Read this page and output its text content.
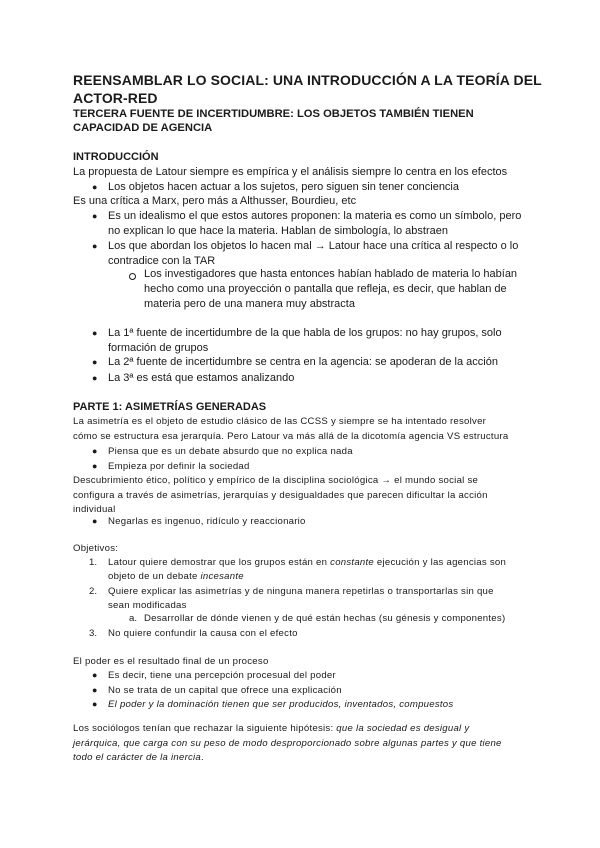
REENSAMBLAR LO SOCIAL: UNA INTRODUCCIÓN A LA TEORÍA DEL
ACTOR-RED
TERCERA FUENTE DE INCERTIDUMBRE: LOS OBJETOS TAMBIÉN TIENEN
CAPACIDAD DE AGENCIA
INTRODUCCIÓN
La propuesta de Latour siempre es empírica y el análisis siempre lo centra en los efectos
● Los objetos hacen actuar a los sujetos, pero siguen sin tener conciencia
Es una crítica a Marx, pero más a Althusser, Bourdieu, etc
● Es un idealismo el que estos autores proponen: la materia es como un símbolo, pero
no explican lo que hace la materia. Hablan de simbología, lo abstraen
● Los que abordan los objetos lo hacen mal → Latour hace una crítica al respecto o lo
contradice con la TAR
Los investigadores que hasta entonces habían hablado de materia lo habían
hecho como una proyección o pantalla que refleja, es decir, que hablan de
materia pero de una manera muy abstracta
● La 1ª fuente de incertidumbre de la que habla de los grupos: no hay grupos, solo
formación de grupos
● La 2ª fuente de incertidumbre se centra en la agencia: se apoderan de la acción
● La 3ª es está que estamos analizando
PARTE 1: ASIMETRÍAS GENERADAS
La asimetría es el objeto de estudio clásico de las CCSS y siempre se ha intentado resolver
cómo se estructura esa jerarquía. Pero Latour va más allá de la dicotomía agencia VS estructura
● Piensa que es un debate absurdo que no explica nada
● Empieza por definir la sociedad
Descubrimiento ético, político y empírico de la disciplina sociológica → el mundo social se
configura a través de asimetrías, jerarquías y desigualdades que parecen dificultar la acción
individual
● Negarlas es ingenuo, ridículo y reaccionario
Objetivos:
1. Latour quiere demostrar que los grupos están en constante ejecución y las agencias son
objeto de un debate incesante
2. Quiere explicar las asimetrías y de ninguna manera repetirlas o transportarlas sin que
sean modificadas
a. Desarrollar de dónde vienen y de qué están hechas (su génesis y componentes)
3. No quiere confundir la causa con el efecto
El poder es el resultado final de un proceso
● Es decir, tiene una percepción procesual del poder
● No se trata de un capital que ofrece una explicación
● El poder y la dominación tienen que ser producidos, inventados, compuestos
Los sociólogos tenían que rechazar la siguiente hipótesis: que la sociedad es desigual y
jerárquica, que carga con su peso de modo desproporcionado sobre algunas partes y que tiene
todo el carácter de la inercia.
